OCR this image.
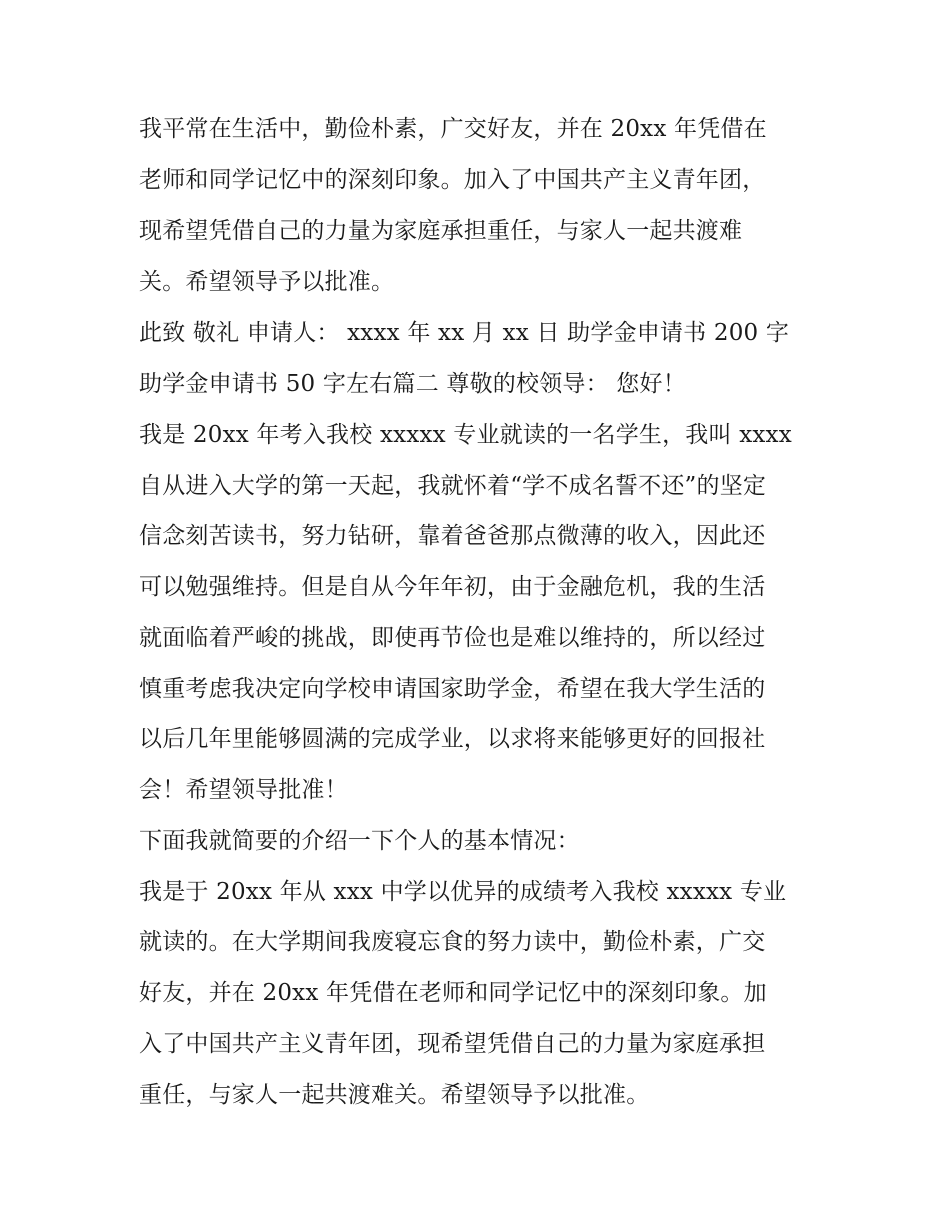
我平常在生活中，勤俭朴素，广交好友，并在 20xx 年凭借在

老师和同学记忆中的深刻印象。加入了中国共产主义青年团，

现希望凭借自己的力量为家庭承担重任，与家人一起共渡难

关。希望领导予以批准。

此致 敬礼 申请人： xxxx 年 xx 月 xx 日 助学金申请书 200 字

助学金申请书 50 字左右篇二 尊敬的校领导： 您好！

我是 20xx 年考入我校 xxxxx 专业就读的一名学生，我叫 xxxx

自从进入大学的第一天起，我就怀着“学不成名誓不还”的坚定

信念刻苦读书，努力钻研，靠着爸爸那点微薄的收入，因此还

可以勉强维持。但是自从今年年初，由于金融危机，我的生活

就面临着严峻的挑战，即使再节俭也是难以维持的，所以经过

慎重考虑我决定向学校申请国家助学金，希望在我大学生活的

以后几年里能够圆满的完成学业，以求将来能够更好的回报社

会！希望领导批准！

下面我就简要的介绍一下个人的基本情况：

我是于 20xx 年从 xxx 中学以优异的成绩考入我校 xxxxx 专业

就读的。在大学期间我废寝忘食的努力读中，勤俭朴素，广交

好友，并在 20xx 年凭借在老师和同学记忆中的深刻印象。加

入了中国共产主义青年团，现希望凭借自己的力量为家庭承担

重任，与家人一起共渡难关。希望领导予以批准。
